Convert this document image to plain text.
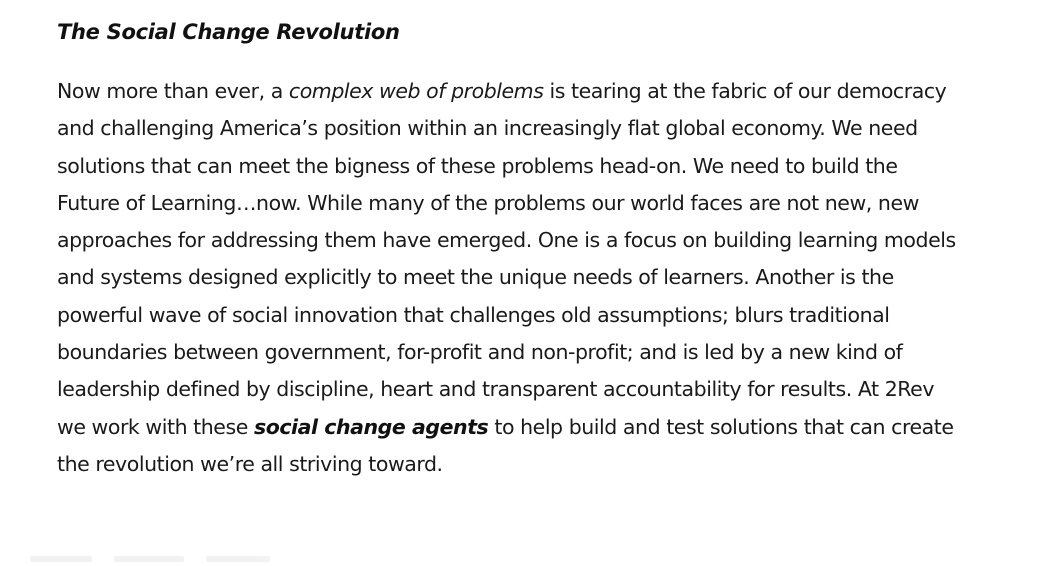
The Social Change Revolution

Now more than ever, a complex web of problems is tearing at the fabric of our democracy and challenging America’s position within an increasingly flat global economy. We need solutions that can meet the bigness of these problems head-on. We need to build the Future of Learning…now. While many of the problems our world faces are not new, new approaches for addressing them have emerged. One is a focus on building learning models and systems designed explicitly to meet the unique needs of learners. Another is the powerful wave of social innovation that challenges old assumptions; blurs traditional boundaries between government, for-profit and non-profit; and is led by a new kind of leadership defined by discipline, heart and transparent accountability for results. At 2Rev we work with these social change agents to help build and test solutions that can create the revolution we’re all striving toward.
